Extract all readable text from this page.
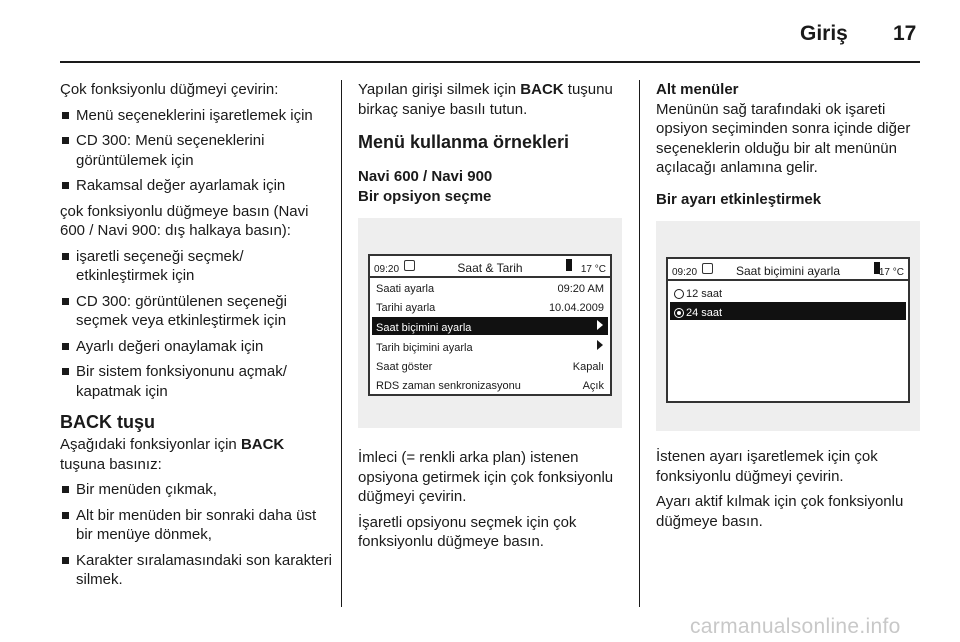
Giriş 17

Çok fonksiyonlu düğmeyi çevirin:

Menü seçeneklerini işaretlemek için
CD 300: Menü seçeneklerini görüntülemek için
Rakamsal değer ayarlamak için

çok fonksiyonlu düğmeye basın (Navi 600 / Navi 900: dış halkaya basın):

işaretli seçeneği seçmek/ etkinleştirmek için
CD 300: görüntülenen seçeneği seçmek veya etkinleştirmek için
Ayarlı değeri onaylamak için
Bir sistem fonksiyonunu açmak/ kapatmak için
BACK tuşu

Aşağıdaki fonksiyonlar için BACK tuşuna basınız:

Bir menüden çıkmak,
Alt bir menüden bir sonraki daha üst bir menüye dönmek,
Karakter sıralamasındaki son karakteri silmek.

Yapılan girişi silmek için BACK tuşunu birkaç saniye basılı tutun.

Menü kullanma örnekleri
Navi 600 / Navi 900
Bir opsiyon seçme
Saat & Tarih
09:20	17 °C
Saati ayarla	09:20 AM
Tarihi ayarla	10.04.2009
Saat biçimini ayarla
Tarih biçimini ayarla
Saat göster	Kapalı
RDS zaman senkronizasyonu	Açık

İmleci (= renkli arka plan) istenen opsiyona getirmek için çok fonksiyonlu düğmeyi çevirin.

İşaretli opsiyonu seçmek için çok fonksiyonlu düğmeye basın.

Alt menüler

Menünün sağ tarafındaki ok işareti opsiyon seçiminden sonra içinde diğer seçeneklerin olduğu bir alt menünün açılacağı anlamına gelir.

Bir ayarı etkinleştirmek
Saat biçimini ayarla
09:20	17 °C
12 saat
24 saat

İstenen ayarı işaretlemek için çok fonksiyonlu düğmeyi çevirin.

Ayarı aktif kılmak için çok fonksiyonlu düğmeye basın.

carmanualsonline.info
